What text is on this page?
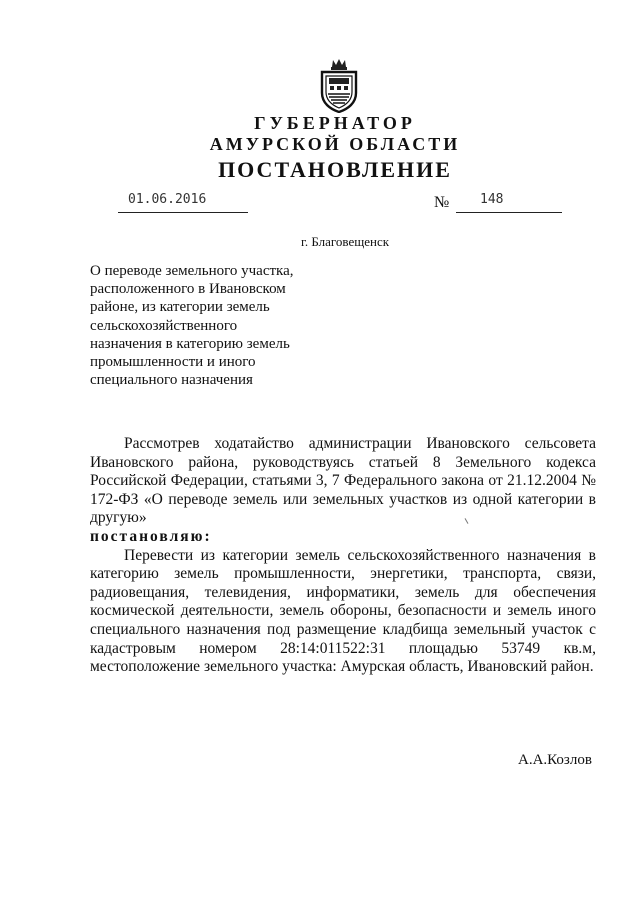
ГУБЕРНАТОР
АМУРСКОЙ ОБЛАСТИ
ПОСТАНОВЛЕНИЕ
01.06.2016	№ 148
г. Благовещенск
О переводе земельного участка,
расположенного в Ивановском
районе, из категории земель
сельскохозяйственного
назначения в категорию земель
промышленности и иного
специального назначения

Рассмотрев ходатайство администрации Ивановского сельсовета Ивановского района, руководствуясь статьей 8 Земельного кодекса Российской Федерации, статьями 3, 7 Федерального закона от 21.12.2004 № 172-ФЗ «О переводе земель или земельных участков из одной категории в другую»

постановляю:

Перевести из категории земель сельскохозяйственного назначения в категорию земель промышленности, энергетики, транспорта, связи, радиовещания, телевидения, информатики, земель для обеспечения космической деятельности, земель обороны, безопасности и земель иного специального назначения под размещение кладбища земельный участок с кадастровым номером 28:14:011522:31 площадью 53749 кв.м, местоположение земельного участка: Амурская область, Ивановский район.

А.А.Козлов
